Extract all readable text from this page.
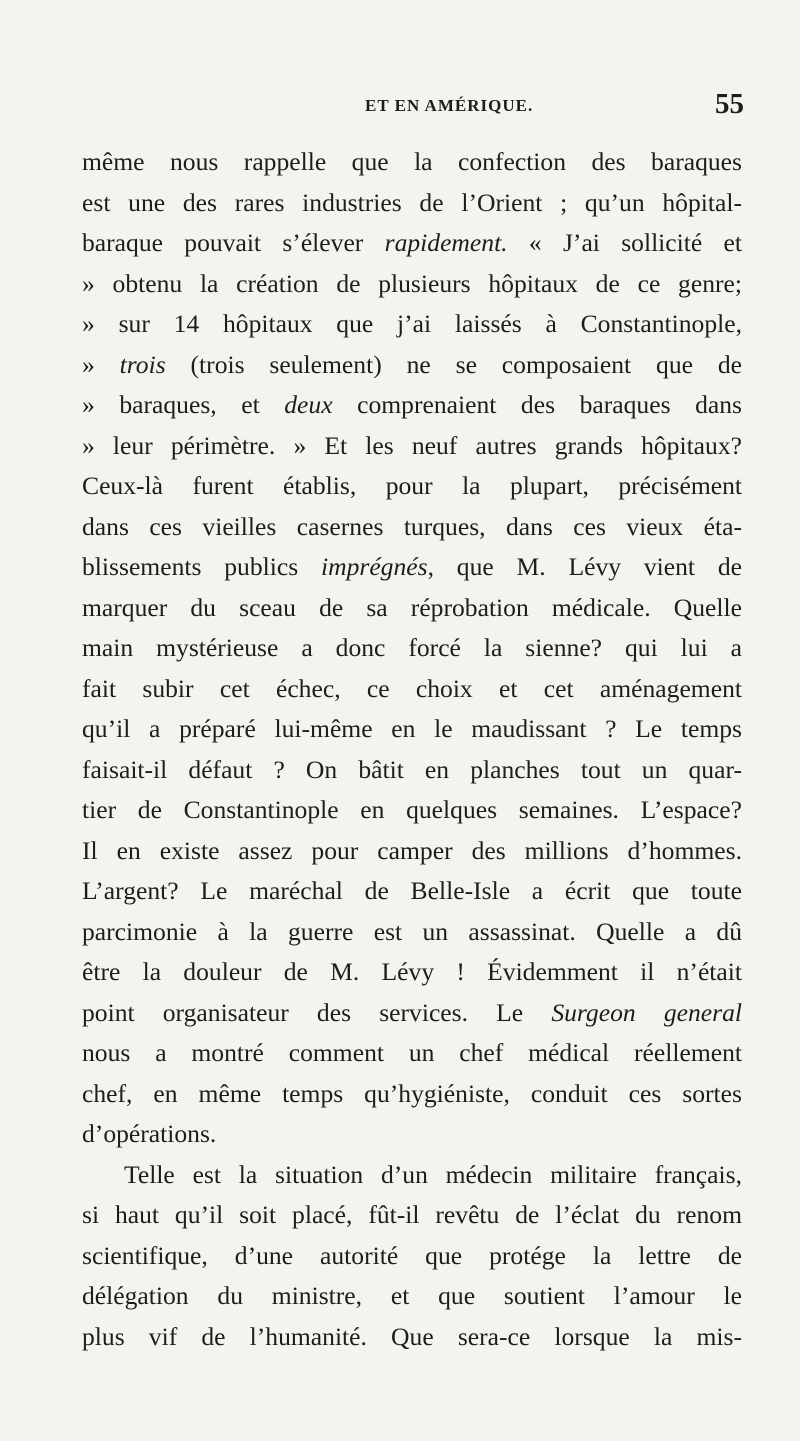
ET EN AMÉRIQUE.	55
même nous rappelle que la confection des baraques
est une des rares industries de l’Orient ; qu’un hôpital-
baraque pouvait s’élever rapidement. « J’ai sollicité et
» obtenu la création de plusieurs hôpitaux de ce genre;
» sur 14 hôpitaux que j’ai laissés à Constantinople,
» trois (trois seulement) ne se composaient que de
» baraques, et deux comprenaient des baraques dans
» leur périmètre. » Et les neuf autres grands hôpitaux?
Ceux-là furent établis, pour la plupart, précisément
dans ces vieilles casernes turques, dans ces vieux éta-
blissements publics imprégnés, que M. Lévy vient de
marquer du sceau de sa réprobation médicale. Quelle
main mystérieuse a donc forcé la sienne? qui lui a
fait subir cet échec, ce choix et cet aménagement
qu’il a préparé lui-même en le maudissant ? Le temps
faisait-il défaut ? On bâtit en planches tout un quar-
tier de Constantinople en quelques semaines. L’espace?
Il en existe assez pour camper des millions d’hommes.
L’argent? Le maréchal de Belle-Isle a écrit que toute
parcimonie à la guerre est un assassinat. Quelle a dû
être la douleur de M. Lévy ! Évidemment il n’était
point organisateur des services. Le Surgeon general
nous a montré comment un chef médical réellement
chef, en même temps qu’hygiéniste, conduit ces sortes
d’opérations.
Telle est la situation d’un médecin militaire français,
si haut qu’il soit placé, fût-il revêtu de l’éclat du renom
scientifique, d’une autorité que protége la lettre de
délégation du ministre, et que soutient l’amour le
plus vif de l’humanité. Que sera-ce lorsque la mis-
